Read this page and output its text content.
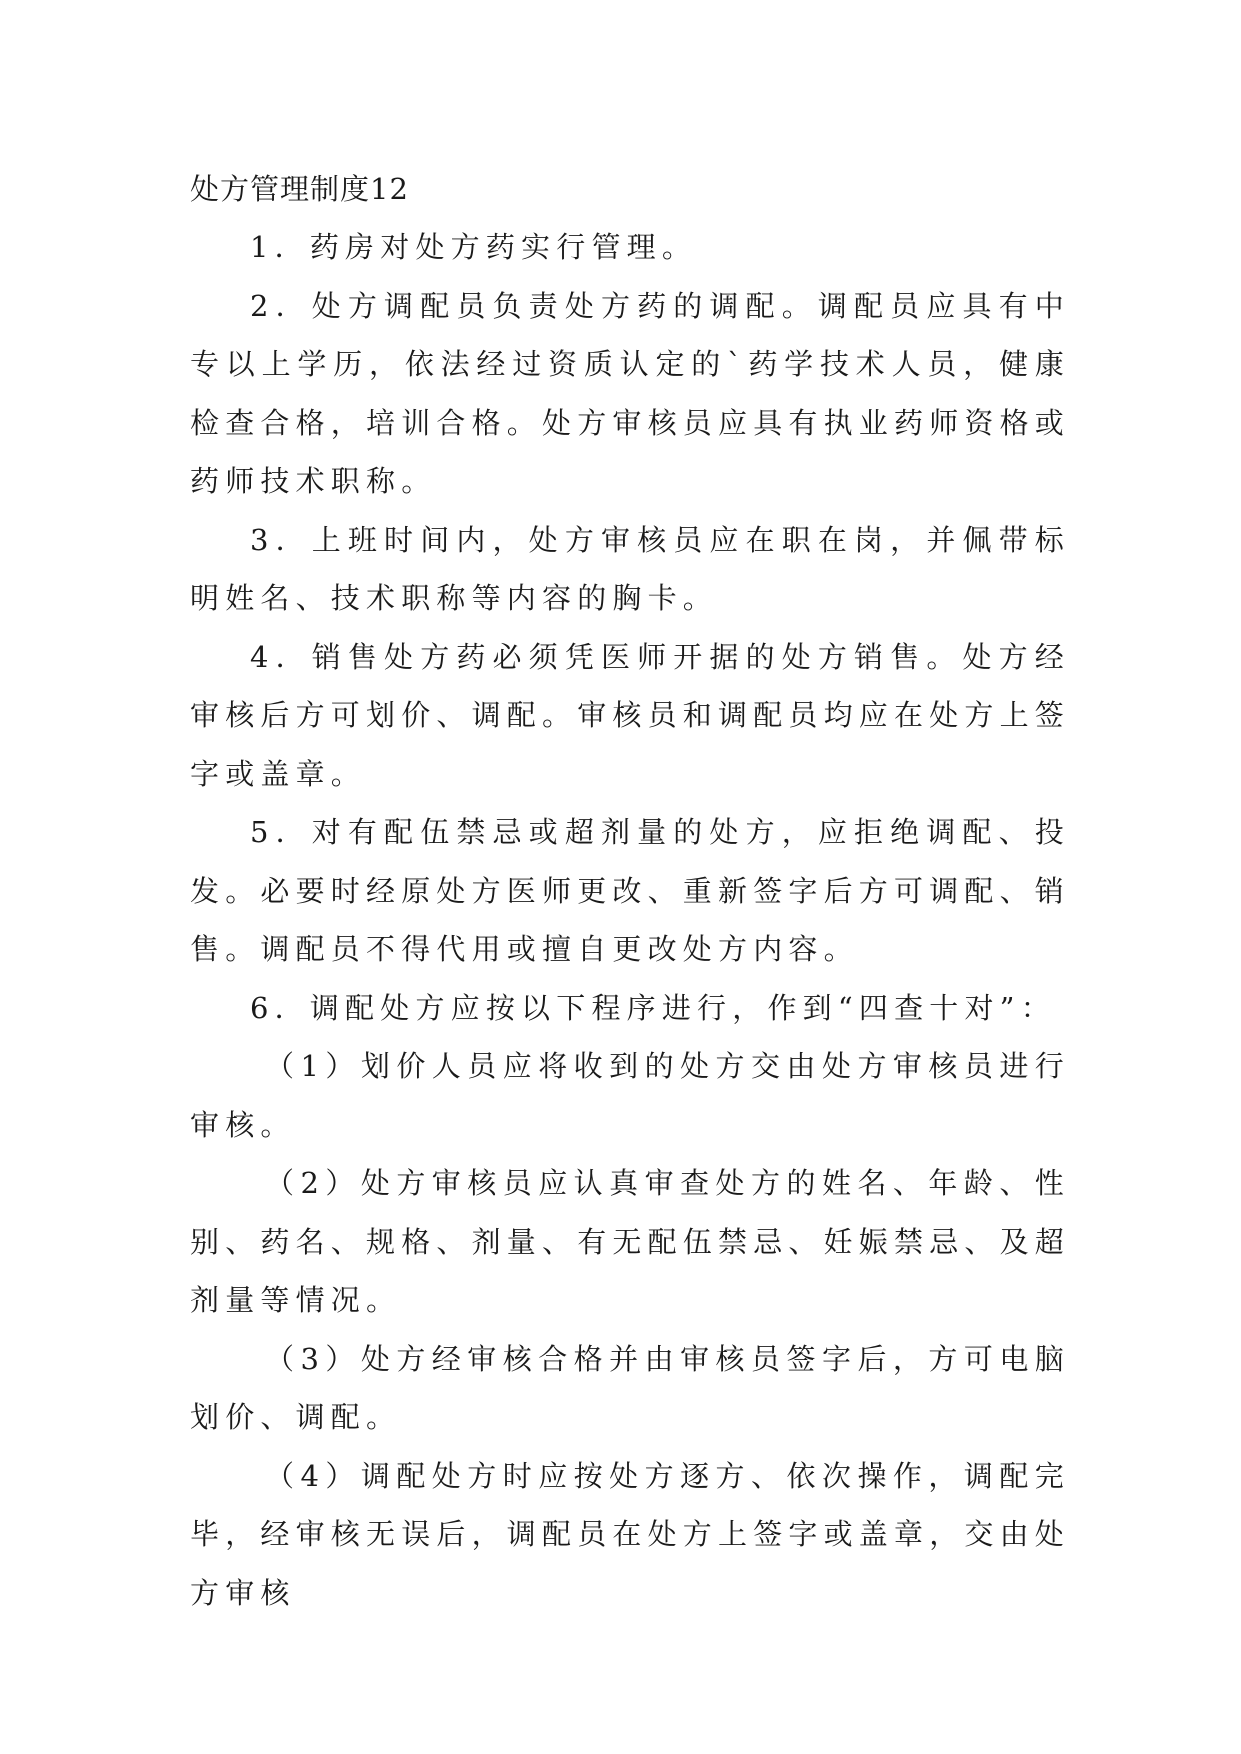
处方管理制度12

1．药房对处方药实行管理。

2．处方调配员负责处方药的调配。调配员应具有中专以上学历，依法经过资质认定的`药学技术人员，健康检查合格，培训合格。处方审核员应具有执业药师资格或药师技术职称。

3．上班时间内，处方审核员应在职在岗，并佩带标明姓名、技术职称等内容的胸卡。

4．销售处方药必须凭医师开据的处方销售。处方经审核后方可划价、调配。审核员和调配员均应在处方上签字或盖章。

5．对有配伍禁忌或超剂量的处方，应拒绝调配、投发。必要时经原处方医师更改、重新签字后方可调配、销售。调配员不得代用或擅自更改处方内容。

6．调配处方应按以下程序进行，作到“四查十对”：

（1）划价人员应将收到的处方交由处方审核员进行审核。

（2）处方审核员应认真审查处方的姓名、年龄、性别、药名、规格、剂量、有无配伍禁忌、妊娠禁忌、及超剂量等情况。

（3）处方经审核合格并由审核员签字后，方可电脑划价、调配。

（4）调配处方时应按处方逐方、依次操作，调配完毕，经审核无误后，调配员在处方上签字或盖章，交由处方审核
